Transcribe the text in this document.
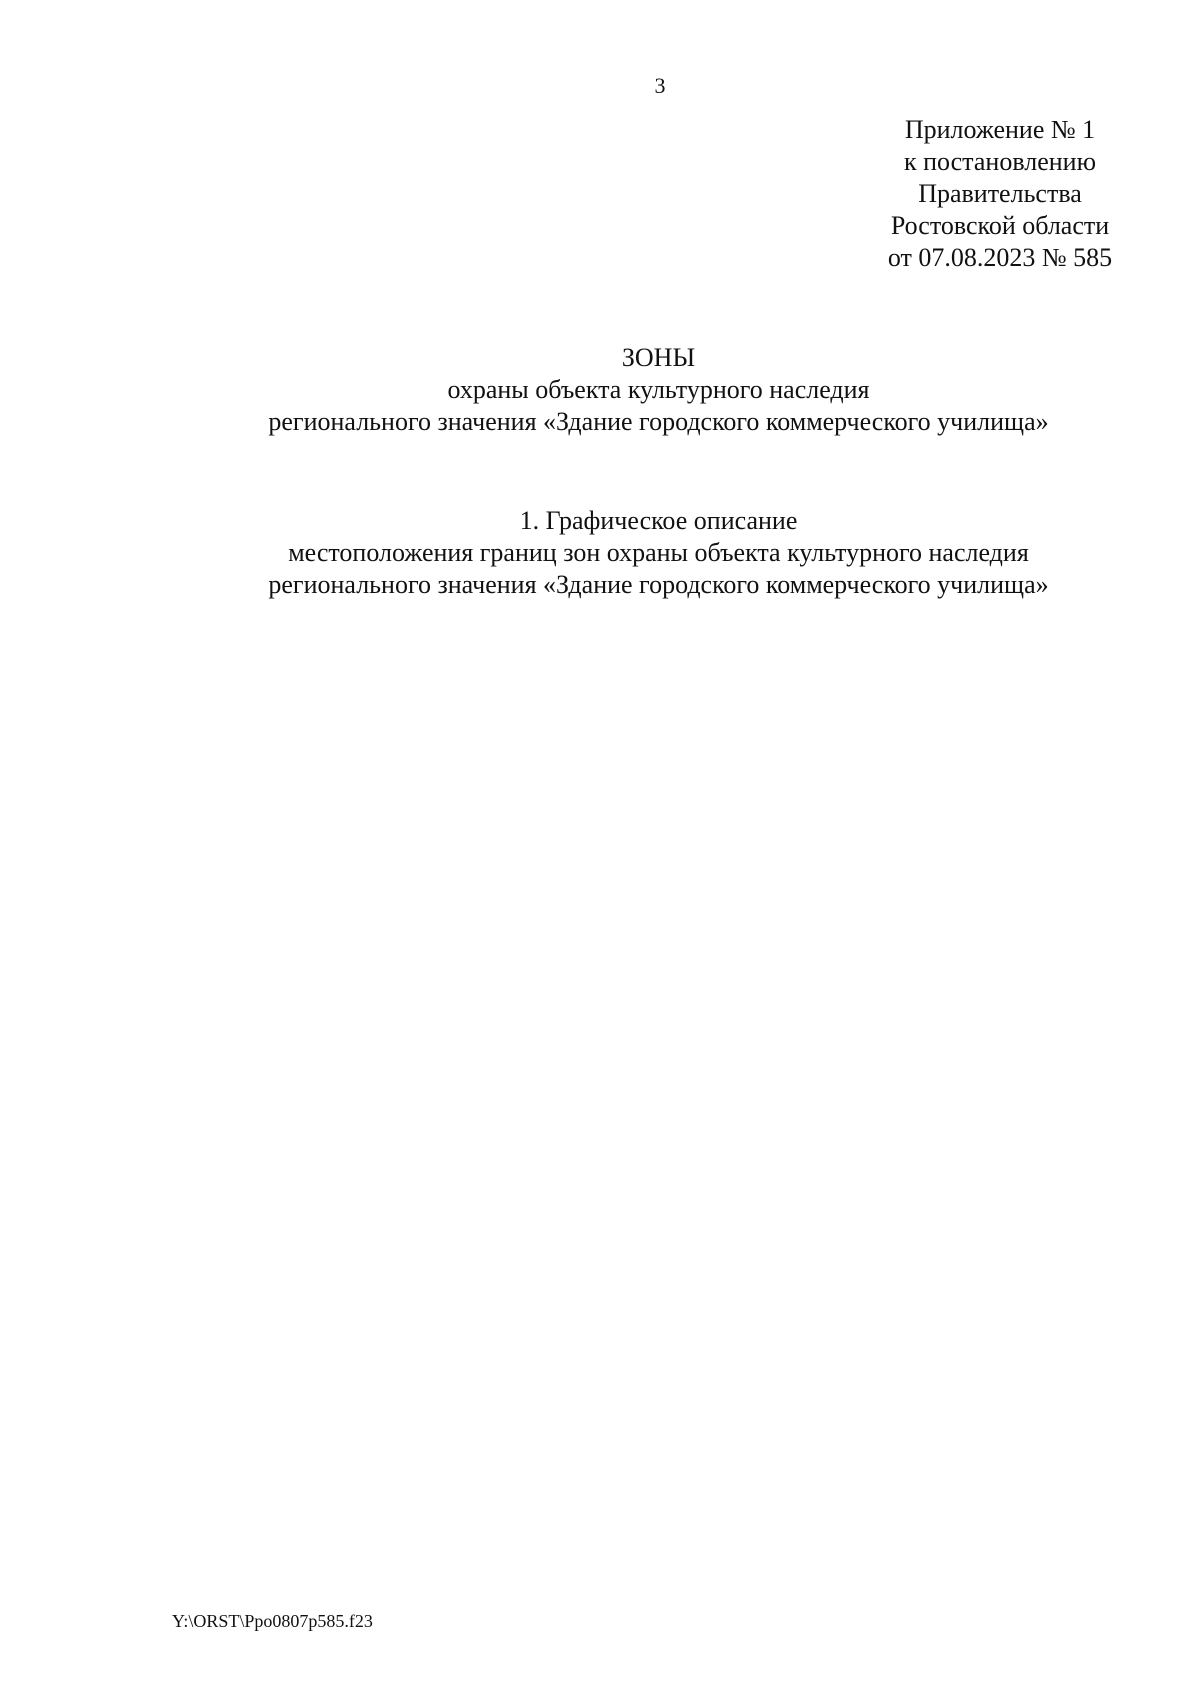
3
Приложение № 1
к постановлению
Правительства
Ростовской области
от 07.08.2023 № 585
ЗОНЫ
охраны объекта культурного наследия
регионального значения «Здание городского коммерческого училища»
1. Графическое описание
местоположения границ зон охраны объекта культурного наследия
регионального значения «Здание городского коммерческого училища»
Y:\ORST\Ppo0807p585.f23
